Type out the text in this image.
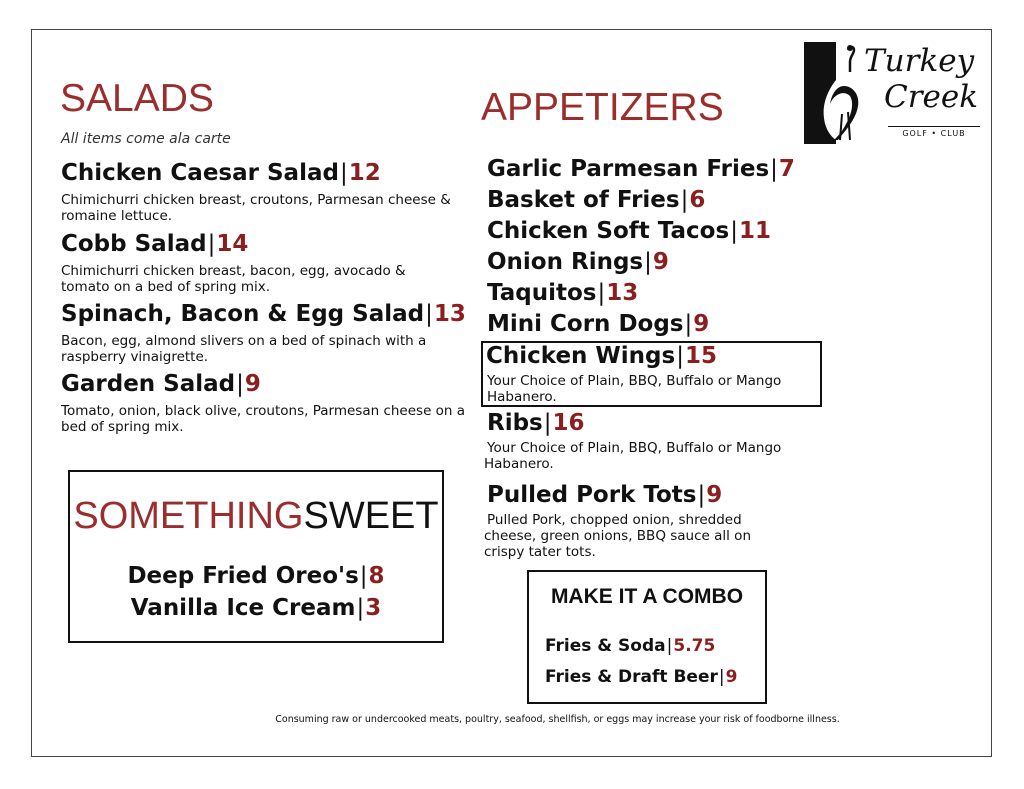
SALADS
All items come ala carte
Chicken Caesar Salad|12
Chimichurri chicken breast, croutons, Parmesan cheese & romaine lettuce.
Cobb Salad|14
Chimichurri chicken breast, bacon, egg, avocado & tomato on a bed of spring mix.
Spinach, Bacon & Egg Salad|13
Bacon, egg, almond slivers on a bed of spinach with a raspberry vinaigrette.
Garden Salad|9
Tomato, onion, black olive, croutons, Parmesan cheese on a bed of spring mix.
SOMETHINGSWEET
Deep Fried Oreo's|8
Vanilla Ice Cream|3
APPETIZERS
Garlic Parmesan Fries|7
Basket of Fries|6
Chicken Soft Tacos|11
Onion Rings|9
Taquitos|13
Mini Corn Dogs|9
Chicken Wings|15
Your Choice of Plain, BBQ, Buffalo or Mango Habanero.
Ribs|16
Your Choice of Plain, BBQ, Buffalo or Mango Habanero.
Pulled Pork Tots|9
Pulled Pork, chopped onion, shredded cheese, green onions, BBQ sauce all on crispy tater tots.
MAKE IT A COMBO
Fries & Soda|5.75
Fries & Draft Beer|9
Turkey
Creek
GOLF • CLUB
Consuming raw or undercooked meats, poultry, seafood, shellfish, or eggs may increase your risk of foodborne illness.
